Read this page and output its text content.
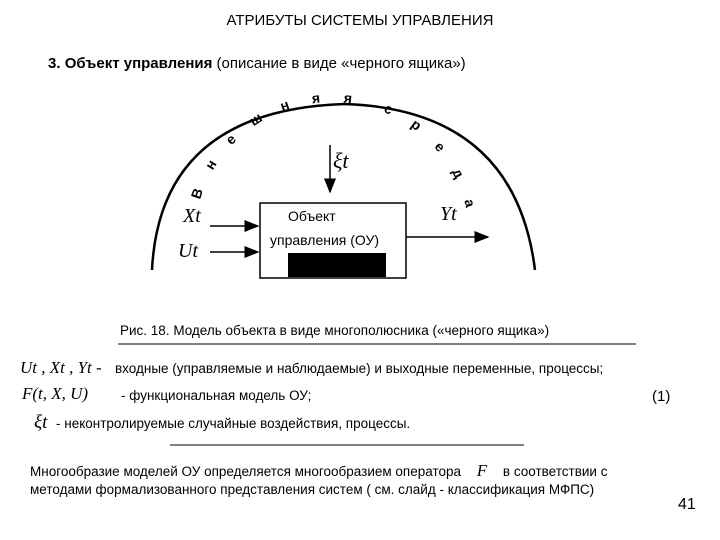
АТРИБУТЫ СИСТЕМЫ УПРАВЛЕНИЯ
3. Объект управления (описание в виде «черного ящика»)
В
н
е
ш
н я я
с
р
е
д
а
ξt
Xt
Ut
Yt
Объект
управления (ОУ)
Рис. 18. Модель объекта в виде многополюсника («черного ящика»)
Ut , Xt , Yt - входные (управляемые и наблюдаемые) и выходные переменные, процессы;
F(t, X, U) - функциональная модель ОУ;	(1)
ξt - неконтролируемые случайные воздействия, процессы.
Многообразие моделей ОУ определяется многообразием оператора F в соответствии с методами формализованного представления систем ( см. слайд - классификация МФПС)
41
